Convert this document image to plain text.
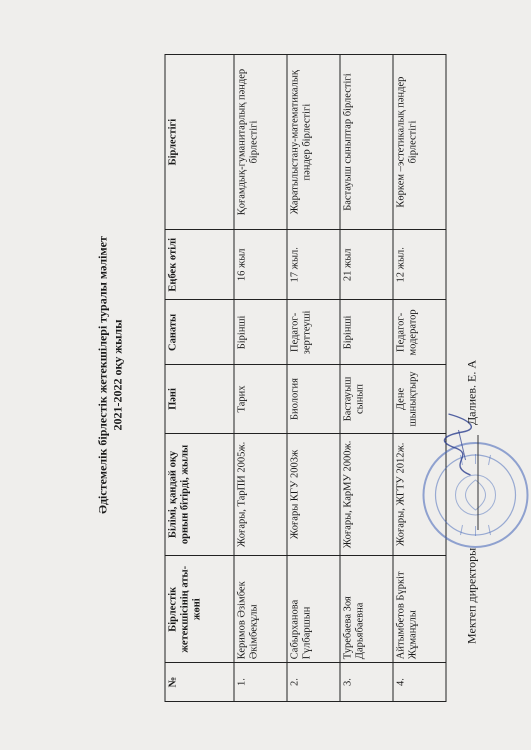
Әдістемелік бірлестік жетекшілері туралы мәлімет 2021-2022 оқу жылы
№	Бірлестік жетекшісінің аты-жөні	Білімі, қандай оқу орнын бітірді, жылы	Пәні	Санаты	Еңбек өтілі	Бірлестігі
1.	Керимов Әзімбек Әкімбекұлы	Жоғары, ТарПИ 2005ж.	Тарих	Бірінші	16 жыл	Қоғамдық-гуманитарлық пәндер бірлестігі
2.	Сабырханова Гүлбаршын	Жоғары КГУ 2003ж	Биология	Педагог-зерттеуші	17 жыл.	Жаратылыстану-математикалық пәндер бірлестігі
3.	Туребаева Зоя Дарьябаевна	Жоғары, КарМУ 2000ж.	Бастауыш сынып	Бірінші	21 жыл	Бастауыш сыныптар бірлестігі
4.	Айтымбетов Бүркіт Жұманұлы	Жоғары, ЖГТУ 2012ж.	Дене шынықтыру	Педагог-модератор	12 жыл.	Көркем –эстетикалық пәндер бірлестігі
Мектеп директоры
Далиев. Е. А
